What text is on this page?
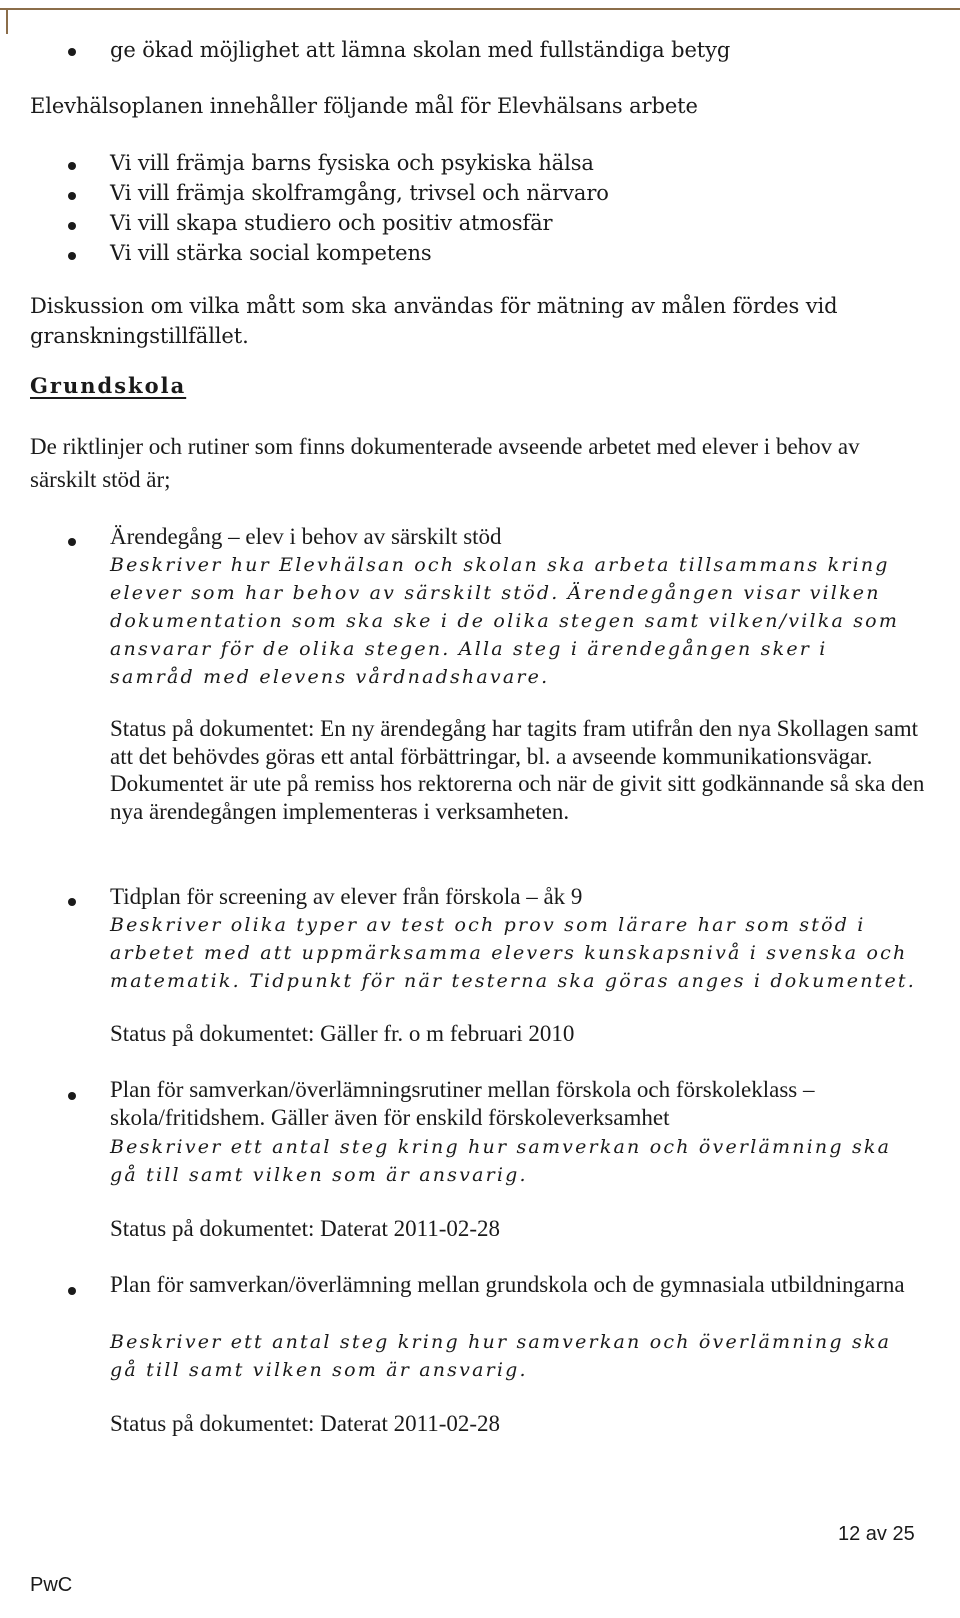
ge ökad möjlighet att lämna skolan med fullständiga betyg

Elevhälsoplanen innehåller följande mål för Elevhälsans arbete

Vi vill främja barns fysiska och psykiska hälsa

Vi vill främja skolframgång, trivsel och närvaro

Vi vill skapa studiero och positiv atmosfär

Vi vill stärka social kompetens

Diskussion om vilka mått som ska användas för mätning av målen fördes vid granskningstillfället.

Grundskola

De riktlinjer och rutiner som finns dokumenterade avseende arbetet med elever i behov av särskilt stöd är;

Ärendegång – elev i behov av särskilt stöd

Beskriver hur Elevhälsan och skolan ska arbeta tillsammans kring elever som har behov av särskilt stöd. Ärendegången visar vilken dokumentation som ska ske i de olika stegen samt vilken/vilka som ansvarar för de olika stegen. Alla steg i ärendegången sker i samråd med elevens vårdnadshavare.

Status på dokumentet: En ny ärendegång har tagits fram utifrån den nya Skollagen samt att det behövdes göras ett antal förbättringar, bl. a avseende kommunikationsvägar. Dokumentet är ute på remiss hos rektorerna och när de givit sitt godkännande så ska den nya ärendegången implementeras i verksamheten.

Tidplan för screening av elever från förskola – åk 9

Beskriver olika typer av test och prov som lärare har som stöd i arbetet med att uppmärksamma elevers kunskapsnivå i svenska och matematik. Tidpunkt för när testerna ska göras anges i dokumentet.

Status på dokumentet: Gäller fr. o m februari 2010

Plan för samverkan/överlämningsrutiner mellan förskola och förskoleklass – skola/fritidshem. Gäller även för enskild förskoleverksamhet

Beskriver ett antal steg kring hur samverkan och överlämning ska gå till samt vilken som är ansvarig.

Status på dokumentet: Daterat 2011-02-28

Plan för samverkan/överlämning mellan grundskola och de gymnasiala utbildningarna

Beskriver ett antal steg kring hur samverkan och överlämning ska gå till samt vilken som är ansvarig.

Status på dokumentet: Daterat 2011-02-28

12 av 25

PwC
